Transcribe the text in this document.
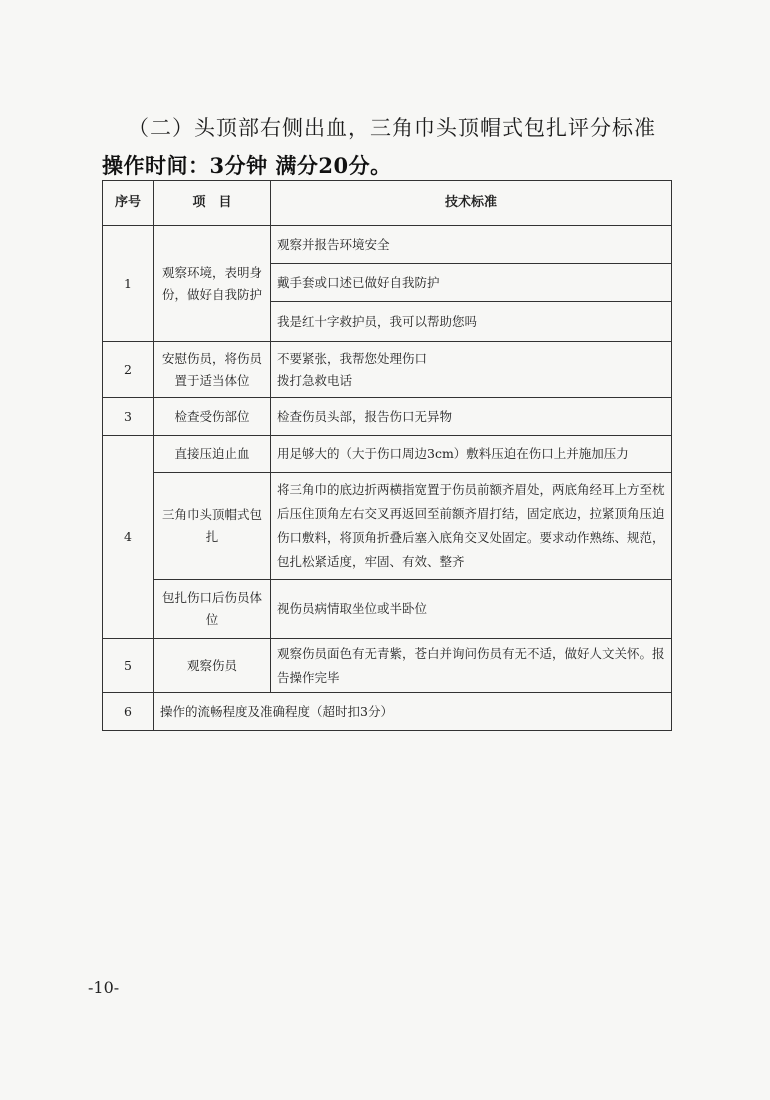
（二）头顶部右侧出血，三角巾头顶帽式包扎评分标准
操作时间：3分钟 满分20分。
序号	项　目	技术标准
1	观察环境，表明身份，做好自我防护	观察并报告环境安全
		戴手套或口述已做好自我防护
		我是红十字救护员，我可以帮助您吗
2	安慰伤员，将伤员置于适当体位	不要紧张，我帮您处理伤口
拨打急救电话

3	检查受伤部位	检查伤员头部，报告伤口无异物
4	直接压迫止血	用足够大的（大于伤口周边3cm）敷料压迫在伤口上并施加压力
	三角巾头顶帽式包扎	将三角巾的底边折两横指宽置于伤员前额齐眉处，两底角经耳上方至枕后压住顶角左右交叉再返回至前额齐眉打结，固定底边，拉紧顶角压迫伤口敷料，将顶角折叠后塞入底角交叉处固定。要求动作熟练、规范，包扎松紧适度，牢固、有效、整齐
	包扎伤口后伤员体位	视伤员病情取坐位或半卧位
5	观察伤员	观察伤员面色有无青紫，苍白并询问伤员有无不适，做好人文关怀。报告操作完毕
6	操作的流畅程度及准确程度（超时扣3分）	
-10-
